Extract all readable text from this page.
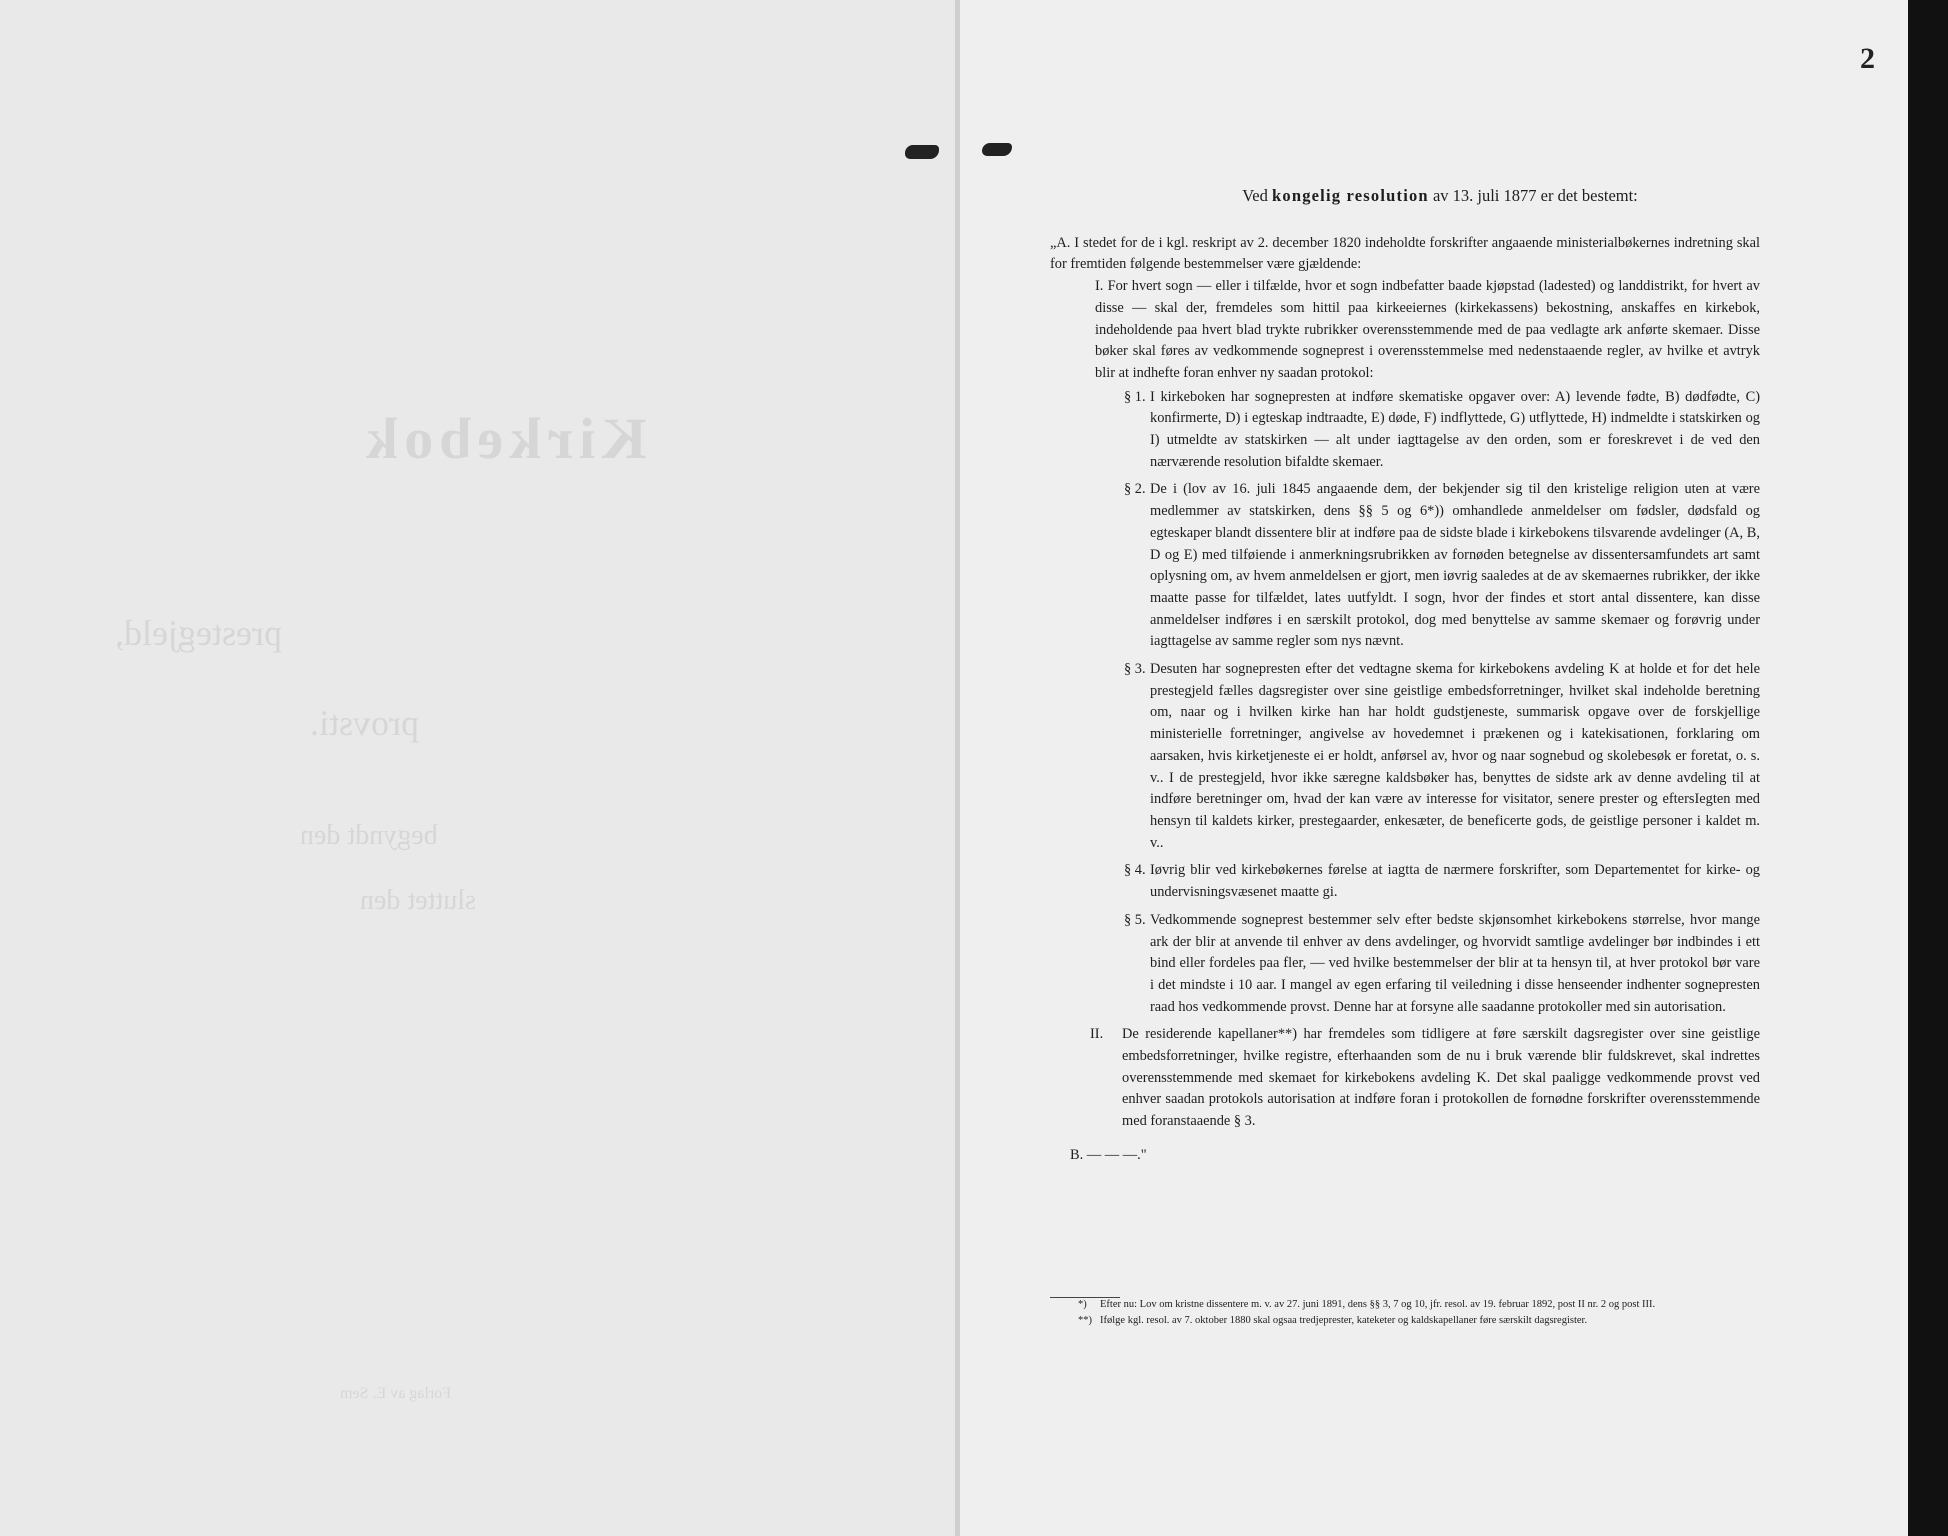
Kirkebok
prestegjeld,
provsti.
begyndt den
sluttet den
Forlag av E. Sem
2
Ved kongelig resolution av 13. juli 1877 er det bestemt:

„A. I stedet for de i kgl. reskript av 2. december 1820 indeholdte forskrifter angaaende ministerialbøkernes indretning skal for fremtiden følgende bestemmelser være gjældende:

I. For hvert sogn — eller i tilfælde, hvor et sogn indbefatter baade kjøpstad (ladested) og landdistrikt, for hvert av disse — skal der, fremdeles som hittil paa kirkeeiernes (kirkekassens) bekostning, anskaffes en kirkebok, indeholdende paa hvert blad trykte rubrikker overensstemmende med de paa vedlagte ark anførte skemaer. Disse bøker skal føres av vedkommende sogneprest i overensstemmelse med nedenstaaende regler, av hvilke et avtryk blir at indhefte foran enhver ny saadan protokol:

§ 1. I kirkeboken har sognepresten at indføre skematiske opgaver over: A) levende fødte, B) dødfødte, C) konfirmerte, D) i egteskap indtraadte, E) døde, F) indflyttede, G) utflyttede, H) indmeldte i statskirken og I) utmeldte av statskirken — alt under iagttagelse av den orden, som er foreskrevet i de ved den nærværende resolution bifaldte skemaer.
§ 2. De i (lov av 16. juli 1845 angaaende dem, der bekjender sig til den kristelige religion uten at være medlemmer av statskirken, dens §§ 5 og 6*)) omhandlede anmeldelser om fødsler, dødsfald og egteskaper blandt dissentere blir at indføre paa de sidste blade i kirkebokens tilsvarende avdelinger (A, B, D og E) med tilføiende i anmerkningsrubrikken av fornøden betegnelse av dissentersamfundets art samt oplysning om, av hvem anmeldelsen er gjort, men iøvrig saaledes at de av skemaernes rubrikker, der ikke maatte passe for tilfældet, lates uutfyldt. I sogn, hvor der findes et stort antal dissentere, kan disse anmeldelser indføres i en særskilt protokol, dog med benyttelse av samme skemaer og forøvrig under iagttagelse av samme regler som nys nævnt.
§ 3. Desuten har sognepresten efter det vedtagne skema for kirkebokens avdeling K at holde et for det hele prestegjeld fælles dagsregister over sine geistlige embedsforretninger, hvilket skal indeholde beretning om, naar og i hvilken kirke han har holdt gudstjeneste, summarisk opgave over de forskjellige ministerielle forretninger, angivelse av hovedemnet i prækenen og i katekisationen, forklaring om aarsaken, hvis kirketjeneste ei er holdt, anførsel av, hvor og naar sognebud og skolebesøk er foretat, o. s. v.. I de prestegjeld, hvor ikke særegne kaldsbøker has, benyttes de sidste ark av denne avdeling til at indføre beretninger om, hvad der kan være av interesse for visitator, senere prester og eftersIegten med hensyn til kaldets kirker, prestegaarder, enkesæter, de beneficerte gods, de geistlige personer i kaldet m. v..
§ 4. Iøvrig blir ved kirkebøkernes førelse at iagtta de nærmere forskrifter, som Departementet for kirke- og undervisningsvæsenet maatte gi.
§ 5. Vedkommende sogneprest bestemmer selv efter bedste skjønsomhet kirkebokens størrelse, hvor mange ark der blir at anvende til enhver av dens avdelinger, og hvorvidt samtlige avdelinger bør indbindes i ett bind eller fordeles paa fler, — ved hvilke bestemmelser der blir at ta hensyn til, at hver protokol bør vare i det mindste i 10 aar. I mangel av egen erfaring til veiledning i disse henseender indhenter sognepresten raad hos vedkommende provst. Denne har at forsyne alle saadanne protokoller med sin autorisation.
II. De residerende kapellaner**) har fremdeles som tidligere at føre særskilt dagsregister over sine geistlige embedsforretninger, hvilke registre, efterhaanden som de nu i bruk værende blir fuldskrevet, skal indrettes overensstemmende med skemaet for kirkebokens avdeling K. Det skal paaligge vedkommende provst ved enhver saadan protokols autorisation at indføre foran i protokollen de fornødne forskrifter overensstemmende med foranstaaende § 3.

B. — — —."

*) Efter nu: Lov om kristne dissentere m. v. av 27. juni 1891, dens §§ 3, 7 og 10, jfr. resol. av 19. februar 1892, post II nr. 2 og post III.
**) Ifølge kgl. resol. av 7. oktober 1880 skal ogsaa tredjeprester, kateketer og kaldskapellaner føre særskilt dagsregister.
